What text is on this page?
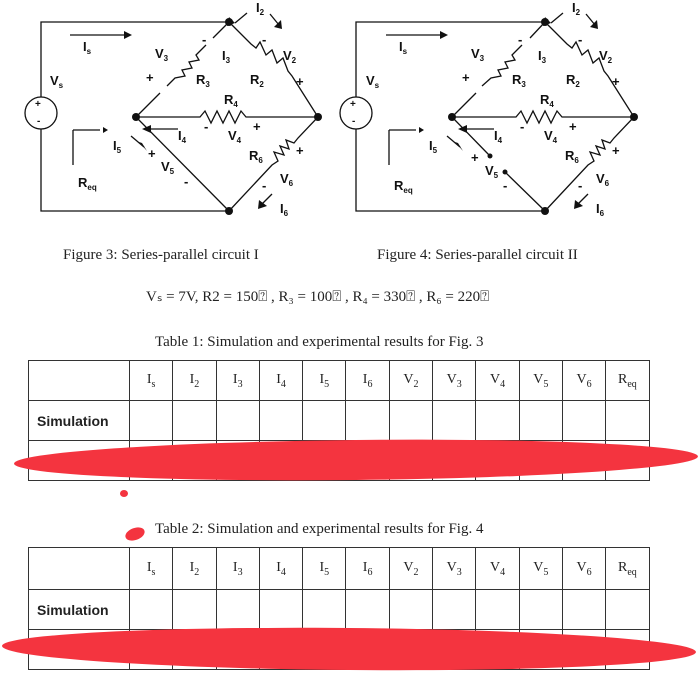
+
-
$V_s$
$I_s$
$R_{eq}$
$V_3$
$R_3$
$I_3$
$I_2$
$V_2$
$R_2$
$R_4$
$V_4$
$I_4$
$R_6$
$V_6$
$I_6$
$I_5$
$V_5$
+
-	-
+
-	+
+
-
+
-
+
-
$V_s$
$I_s$
$R_{eq}$
$V_3$
$R_3$
$I_3$
$I_2$
$V_2$
$R_2$
$R_4$
$V_4$
$I_4$
$R_6$
$V_6$
$I_6$
$I_5$
$V_5$
+
-	-
+
-	+
+
-
+
-
Figure 3: Series-parallel circuit I	Figure 4: Series-parallel circuit II
Vₛ = 7V, R2 = 150⍰ , R₃ = 100⍰ , R₄ = 330⍰ , R₆ = 220⍰
Table 1: Simulation and experimental results for Fig. 3
	$I_s$	$I_2$	$I_3$	$I_4$	$I_5$	$I_6$	$V_2$	$V_3$	$V_4$	$V_5$	$V_6$	$R_{eq}$
Simulation												

Table 2: Simulation and experimental results for Fig. 4
	$I_s$	$I_2$	$I_3$	$I_4$	$I_5$	$I_6$	$V_2$	$V_3$	$V_4$	$V_5$	$V_6$	$R_{eq}$
Simulation												
